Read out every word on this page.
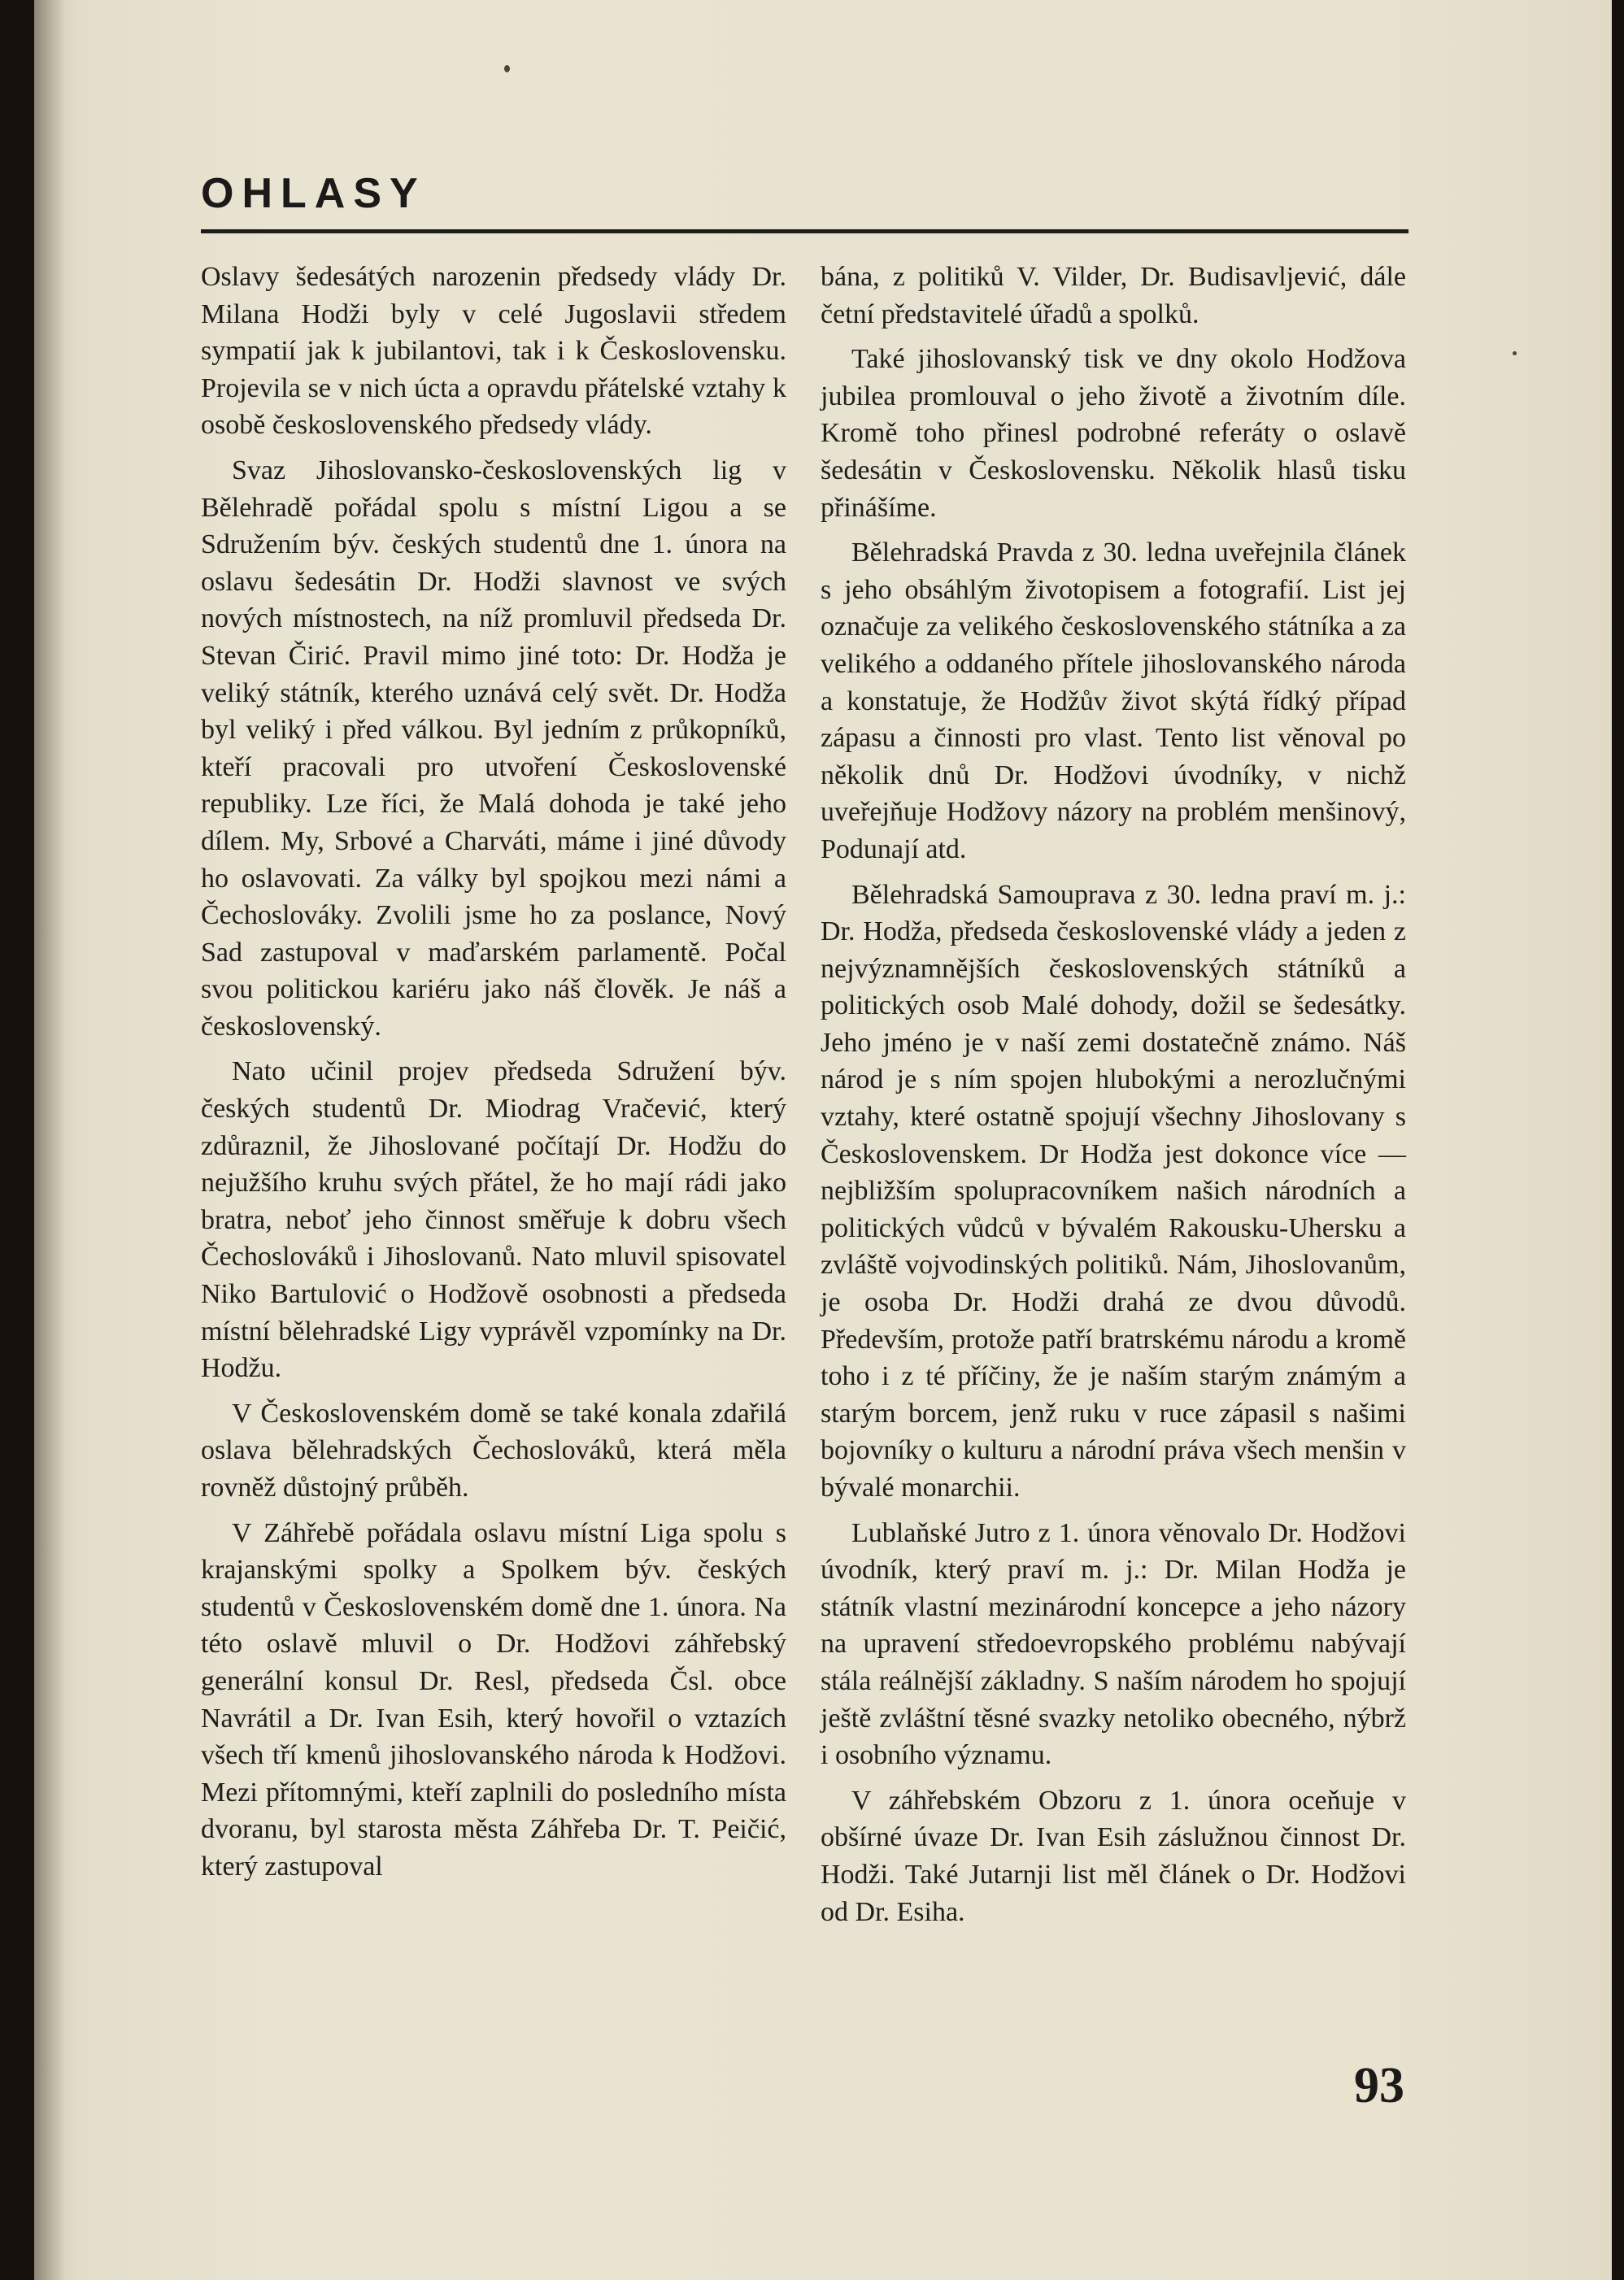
OHLASY

Oslavy šedesátých narozenin předsedy vlády Dr. Milana Hodži byly v celé Jugoslavii středem sympatií jak k jubilantovi, tak i k Československu. Projevila se v nich úcta a opravdu přátelské vztahy k osobě československého předsedy vlády.

Svaz Jihoslovansko-československých lig v Bělehradě pořádal spolu s místní Ligou a se Sdružením býv. českých studentů dne 1. února na oslavu šedesátin Dr. Hodži slavnost ve svých nových místnostech, na níž promluvil předseda Dr. Stevan Čirić. Pravil mimo jiné toto: Dr. Hodža je veliký státník, kterého uznává celý svět. Dr. Hodža byl veliký i před válkou. Byl jedním z průkopníků, kteří pracovali pro utvoření Československé republiky. Lze říci, že Malá dohoda je také jeho dílem. My, Srbové a Charváti, máme i jiné důvody ho oslavovati. Za války byl spojkou mezi námi a Čechoslováky. Zvolili jsme ho za poslance, Nový Sad zastupoval v maďarském parlamentě. Počal svou politickou kariéru jako náš člověk. Je náš a československý.

Nato učinil projev předseda Sdružení býv. českých studentů Dr. Miodrag Vračević, který zdůraznil, že Jihoslované počítají Dr. Hodžu do nejužšího kruhu svých přátel, že ho mají rádi jako bratra, neboť jeho činnost směřuje k dobru všech Čechoslováků i Jihoslovanů. Nato mluvil spisovatel Niko Bartulović o Hodžově osobnosti a předseda místní bělehradské Ligy vyprávěl vzpomínky na Dr. Hodžu.

V Československém domě se také konala zdařilá oslava bělehradských Čechoslováků, která měla rovněž důstojný průběh.

V Záhřebě pořádala oslavu místní Liga spolu s krajanskými spolky a Spolkem býv. českých studentů v Československém domě dne 1. února. Na této oslavě mluvil o Dr. Hodžovi záhřebský generální konsul Dr. Resl, předseda Čsl. obce Navrátil a Dr. Ivan Esih, který hovořil o vztazích všech tří kmenů jihoslovanského národa k Hodžovi. Mezi přítomnými, kteří zaplnili do posledního místa dvoranu, byl starosta města Záhřeba Dr. T. Peičić, který zastupoval

bána, z politiků V. Vilder, Dr. Budisavljević, dále četní představitelé úřadů a spolků.

Také jihoslovanský tisk ve dny okolo Hodžova jubilea promlouval o jeho životě a životním díle. Kromě toho přinesl podrobné referáty o oslavě šedesátin v Československu. Několik hlasů tisku přinášíme.

Bělehradská Pravda z 30. ledna uveřejnila článek s jeho obsáhlým životopisem a fotografií. List jej označuje za velikého československého státníka a za velikého a oddaného přítele jihoslovanského národa a konstatuje, že Hodžův život skýtá řídký případ zápasu a činnosti pro vlast. Tento list věnoval po několik dnů Dr. Hodžovi úvodníky, v nichž uveřejňuje Hodžovy názory na problém menšinový, Podunají atd.

Bělehradská Samouprava z 30. ledna praví m. j.: Dr. Hodža, předseda československé vlády a jeden z nejvýznamnějších československých státníků a politických osob Malé dohody, dožil se šedesátky. Jeho jméno je v naší zemi dostatečně známo. Náš národ je s ním spojen hlubokými a nerozlučnými vztahy, které ostatně spojují všechny Jihoslovany s Československem. Dr Hodža jest dokonce více — nejbližším spolupracovníkem našich národních a politických vůdců v bývalém Rakousku-Uhersku a zvláště vojvodinských politiků. Nám, Jihoslovanům, je osoba Dr. Hodži drahá ze dvou důvodů. Především, protože patří bratrskému národu a kromě toho i z té příčiny, že je naším starým známým a starým borcem, jenž ruku v ruce zápasil s našimi bojovníky o kulturu a národní práva všech menšin v bývalé monarchii.

Lublaňské Jutro z 1. února věnovalo Dr. Hodžovi úvodník, který praví m. j.: Dr. Milan Hodža je státník vlastní mezinárodní koncepce a jeho názory na upravení středoevropského problému nabývají stála reálnější základny. S naším národem ho spojují ještě zvláštní těsné svazky netoliko obecného, nýbrž i osobního významu.

V záhřebském Obzoru z 1. února oceňuje v obšírné úvaze Dr. Ivan Esih záslužnou činnost Dr. Hodži. Také Jutarnji list měl článek o Dr. Hodžovi od Dr. Esiha.

93
